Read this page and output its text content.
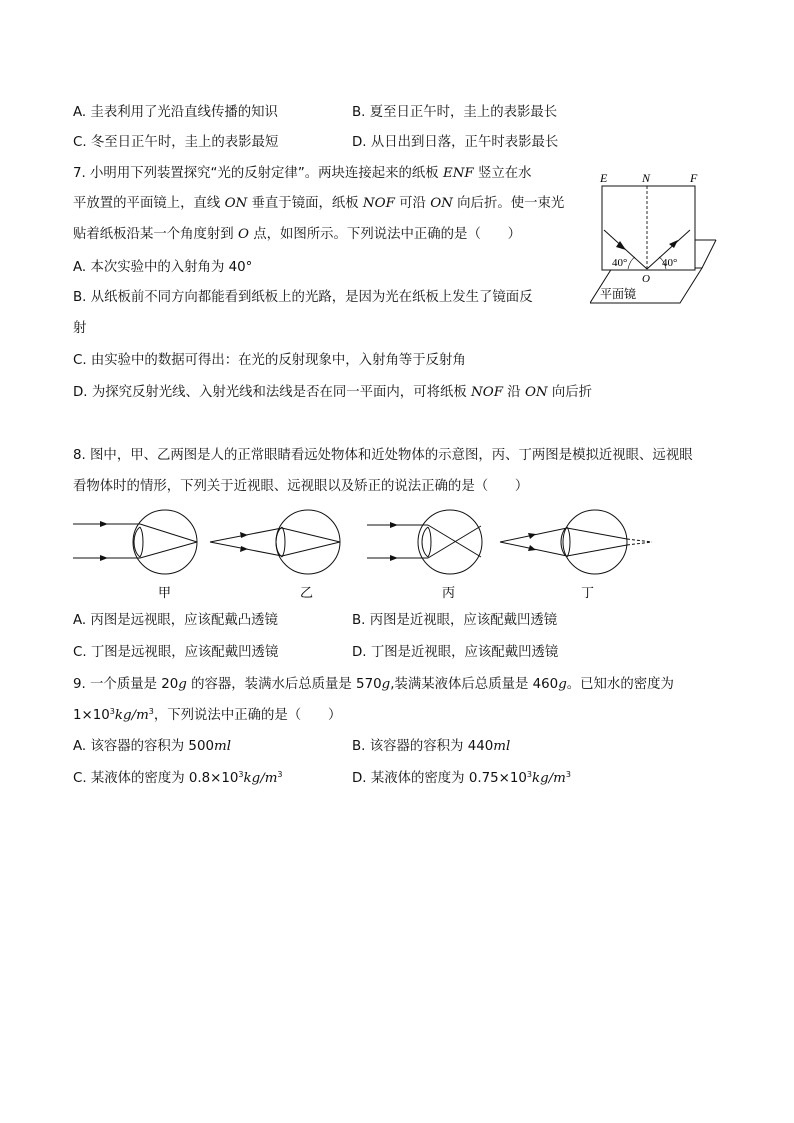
A. 圭表利用了光沿直线传播的知识	B. 夏至日正午时，圭上的表影最长
C. 冬至日正午时，圭上的表影最短	D. 从日出到日落，正午时表影最长
7. 小明用下列装置探究“光的反射定律”。两块连接起来的纸板 ENF 竖立在水
平放置的平面镜上，直线 ON 垂直于镜面，纸板 NOF 可沿 ON 向后折。使一束光
贴着纸板沿某一个角度射到 O 点，如图所示。下列说法中正确的是（　　）
A. 本次实验中的入射角为 40°
B. 从纸板前不同方向都能看到纸板上的光路，是因为光在纸板上发生了镜面反
射
C. 由实验中的数据可得出：在光的反射现象中，入射角等于反射角
D. 为探究反射光线、入射光线和法线是否在同一平面内，可将纸板 NOF 沿 ON 向后折
E	N	F
O
40°	40°
平面镜
8. 图中，甲、乙两图是人的正常眼睛看远处物体和近处物体的示意图，丙、丁两图是模拟近视眼、远视眼
看物体时的情形，下列关于近视眼、远视眼以及矫正的说法正确的是（　　）
甲	乙	丙	丁
A. 丙图是远视眼，应该配戴凸透镜	B. 丙图是近视眼，应该配戴凹透镜
C. 丁图是远视眼，应该配戴凹透镜	D. 丁图是近视眼，应该配戴凹透镜
9. 一个质量是 20g 的容器，装满水后总质量是 570g,装满某液体后总质量是 460g。已知水的密度为
$1\times 10^3kg/m^3$，下列说法中正确的是（　　）
A. 该容器的容积为 500ml	B. 该容器的容积为 440ml
C. 某液体的密度为 $0.8\times 10^3kg/m^3$	D. 某液体的密度为 $0.75\times 10^3kg/m^3$
